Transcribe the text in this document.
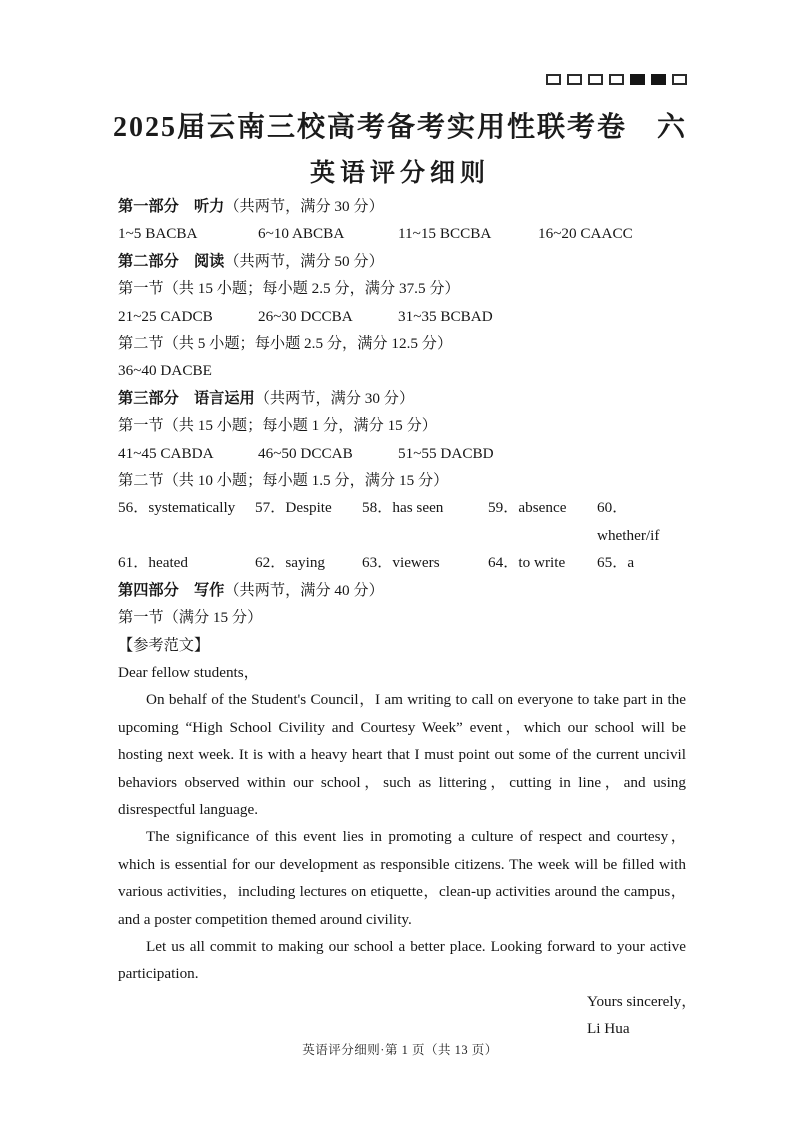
2025届云南三校高考备考实用性联考卷　六
英语评分细则
第一部分　听力（共两节，满分 30 分）
1~5 BACBA	6~10 ABCBA	11~15 BCCBA	16~20 CAACC
第二部分　阅读（共两节，满分 50 分）
第一节（共 15 小题；每小题 2.5 分，满分 37.5 分）
21~25 CADCB	26~30 DCCBA	31~35 BCBAD
第二节（共 5 小题；每小题 2.5 分，满分 12.5 分）
36~40 DACBE
第三部分　语言运用（共两节，满分 30 分）
第一节（共 15 小题；每小题 1 分，满分 15 分）
41~45 CABDA	46~50 DCCAB	51~55 DACBD
第二节（共 10 小题；每小题 1.5 分，满分 15 分）
56．systematically	57．Despite	58．has seen	59．absence	60．whether/if
61．heated	62．saying	63．viewers	64．to write	65．a
第四部分　写作（共两节，满分 40 分）
第一节（满分 15 分）
【参考范文】

Dear fellow students，

On behalf of the Student's Council，I am writing to call on everyone to take part in the upcoming “High School Civility and Courtesy Week” event，which our school will be hosting next week. It is with a heavy heart that I must point out some of the current uncivil behaviors observed within our school，such as littering，cutting in line，and using disrespectful language.

The significance of this event lies in promoting a culture of respect and courtesy，which is essential for our development as responsible citizens. The week will be filled with various activities，including lectures on etiquette，clean-up activities around the campus，and a poster competition themed around civility.

Let us all commit to making our school a better place. Looking forward to your active participation.

Yours sincerely，
Li Hua
英语评分细则·第 1 页（共 13 页）
